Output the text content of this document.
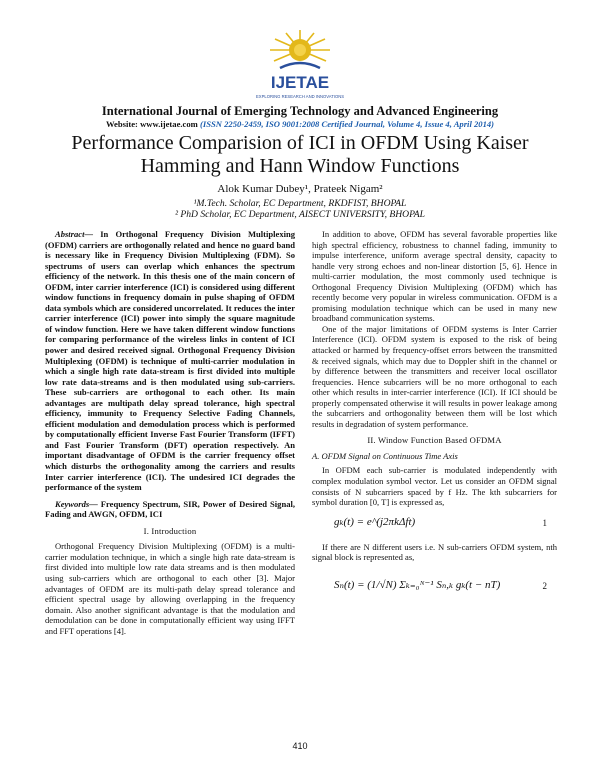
IJETAE
EXPLORING RESEARCH AND INNOVATIONS
International Journal of Emerging Technology and Advanced Engineering
Website: www.ijetae.com (ISSN 2250-2459, ISO 9001:2008 Certified Journal, Volume 4, Issue 4, April 2014)
Performance Comparision of ICI in OFDM Using Kaiser Hamming and Hann Window Functions
Alok Kumar Dubey¹, Prateek Nigam²
¹M.Tech. Scholar, EC Department, RKDFIST, BHOPAL
² PhD Scholar, EC Department, AISECT UNIVERSITY, BHOPAL

Abstract— In Orthogonal Frequency Division Multiplexing (OFDM) carriers are orthogonally related and hence no guard band is necessary like in Frequency Division Multiplexing (FDM). So spectrums of users can overlap which enhances the spectrum efficiency of the network. In this thesis one of the main concern of OFDM, inter carrier interference (ICI) is considered using different window functions in frequency domain in pulse shaping of OFDM data symbols which are considered uncorrelated. It reduces the inter carrier interference (ICI) power into simply the square magnitude of window function. Here we have taken different window functions for comparing performance of the wireless links in content of ICI power and desired received signal. Orthogonal Frequency Division Multiplexing (OFDM) is technique of multi-carrier modulation in which a single high rate data-stream is first divided into multiple low rate data-streams and is then modulated using sub-carriers. These sub-carriers are orthogonal to each other. Its main advantages are multipath delay spread tolerance, high spectral efficiency, immunity to Frequency Selective Fading Channels, efficient modulation and demodulation process which is performed by computationally efficient Inverse Fast Fourier Transform (IFFT) and Fast Fourier Transform (DFT) operation respectively. An important disadvantage of OFDM is the carrier frequency offset which disturbs the orthogonality among the carriers and results Inter carrier interference (ICI). The undesired ICI degrades the performance of the system

Keywords— Frequency Spectrum, SIR, Power of Desired Signal, Fading and AWGN, OFDM, ICI

I. Introduction

Orthogonal Frequency Division Multiplexing (OFDM) is a multi-carrier modulation technique, in which a single high rate data-stream is first divided into multiple low rate data streams and is then modulated using sub-carriers which are orthogonal to each other [3]. Major advantages of OFDM are its multi-path delay spread tolerance and efficient spectral usage by allowing overlapping in the frequency domain. Also another significant advantage is that the modulation and demodulation can be done in computationally efficient way using IFFT and FFT operations [4].

In addition to above, OFDM has several favorable properties like high spectral efficiency, robustness to channel fading, immunity to impulse interference, uniform average spectral density, capacity to handle very strong echoes and non-linear distortion [5, 6]. Hence in multi-carrier modulation, the most commonly used technique is Orthogonal Frequency Division Multiplexing (OFDM) which has recently become very popular in wireless communication. OFDM is a promising modulation technique which can be used in many new broadband communication systems.

One of the major limitations of OFDM systems is Inter Carrier Interference (ICI). OFDM system is exposed to the risk of being attacked or harmed by frequency-offset errors between the transmitted & received signals, which may due to Doppler shift in the channel or by difference between the transmitters and receiver local oscillator frequencies. Hence subcarriers will be no more orthogonal to each other which results in inter-carrier interference (ICI). If ICI should be properly compensated otherwise it will results in power leakage among the subcarriers and orthogonality between them will be lost which results in degradation of system performance.

II. Window Function Based OFDMA

A. OFDM Signal on Continuous Time Axis

In OFDM each sub-carrier is modulated independently with complex modulation symbol vector. Let us consider an OFDM signal consists of N subcarriers spaced by f Hz. The kth subcarriers for symbol duration [0, T] is expressed as,

gₖ(t) = e^(j2πkΔft)	1

If there are N different users i.e. N sub-carriers OFDM system, nth signal block is represented as,

Sₙ(t) = (1/√N) Σₖ₌₀ᴺ⁻¹ Sₙ,ₖ gₖ(t − nT)	2
410
